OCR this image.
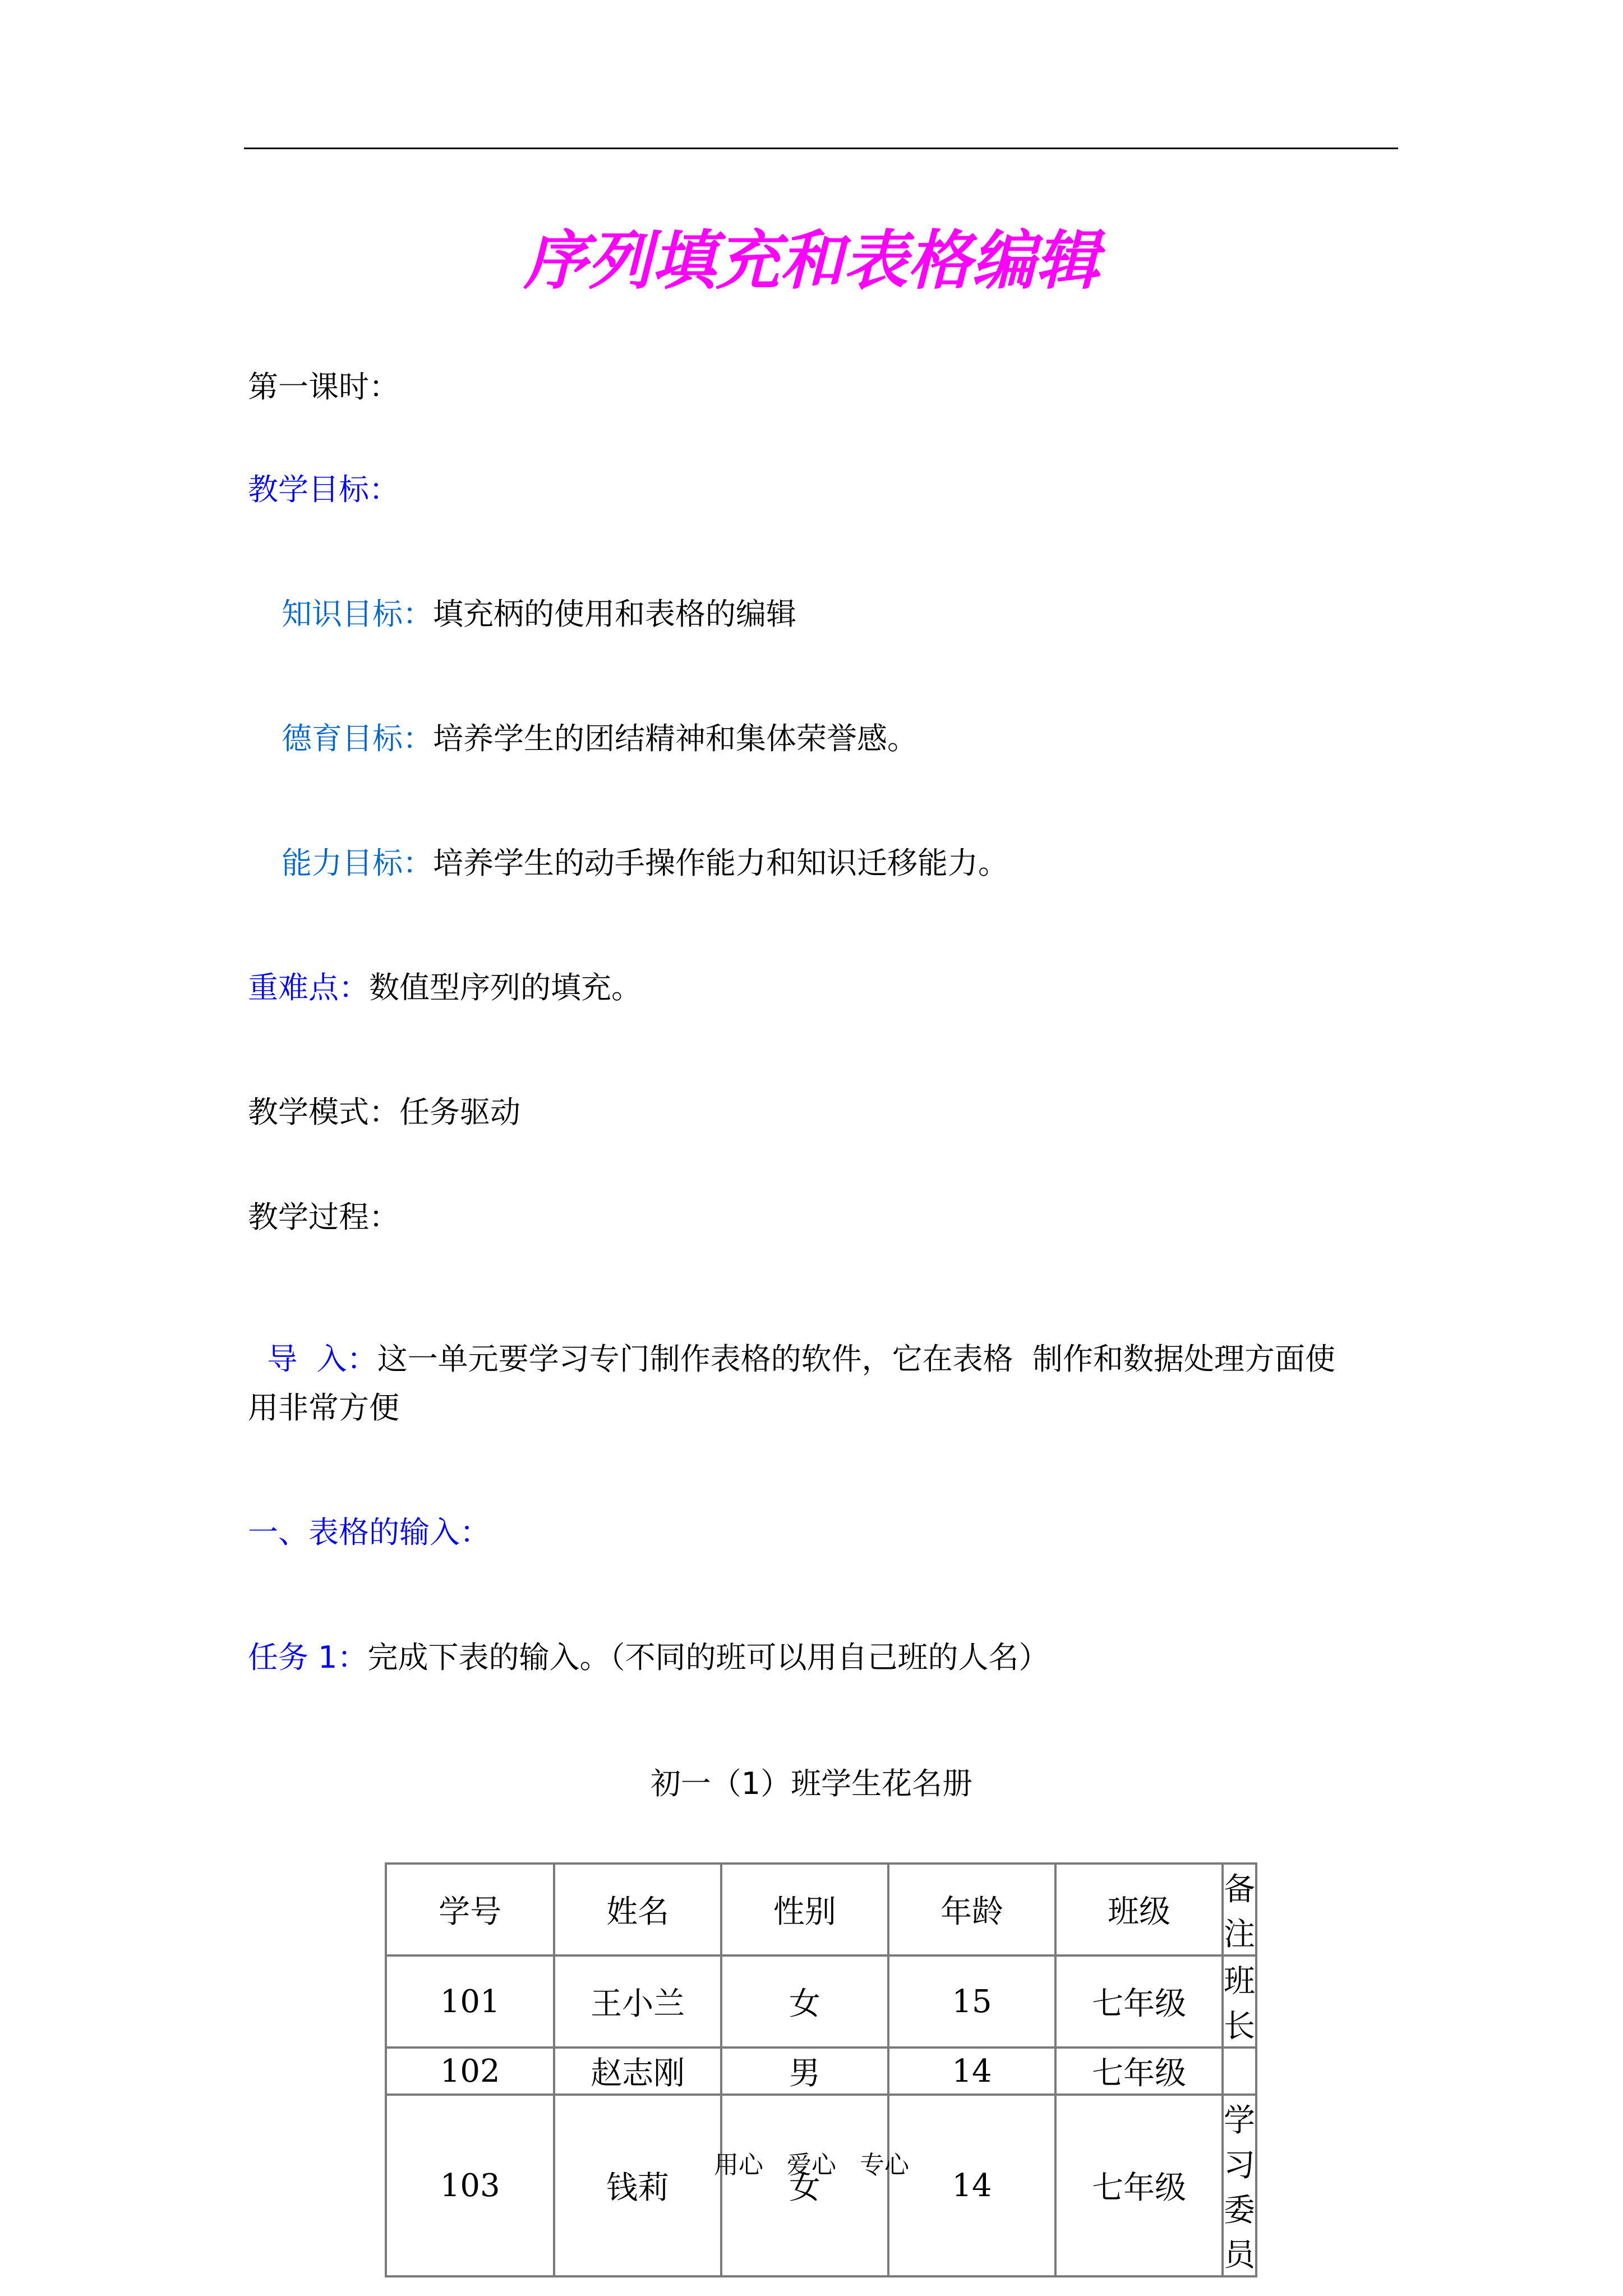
序列填充和表格编辑
第一课时：
教学目标：
知识目标：填充柄的使用和表格的编辑
德育目标：培养学生的团结精神和集体荣誉感。
能力目标：培养学生的动手操作能力和知识迁移能力。
重难点：数值型序列的填充。
教学模式：任务驱动
教学过程：

导  入：这一单元要学习专门制作表格的软件，它在表格  制作和数据处理方面使

用非常方便
一、表格的输入：
任务 1：完成下表的输入。（不同的班可以用自己班的人名）
初一（1）班学生花名册
学号	姓名	性别	年龄	班级	备注
101	王小兰	女	15	七年级	班长
102	赵志刚	男	14	七年级	
103	钱莉	女	14	七年级	学习委员
用心   爱心   专心
